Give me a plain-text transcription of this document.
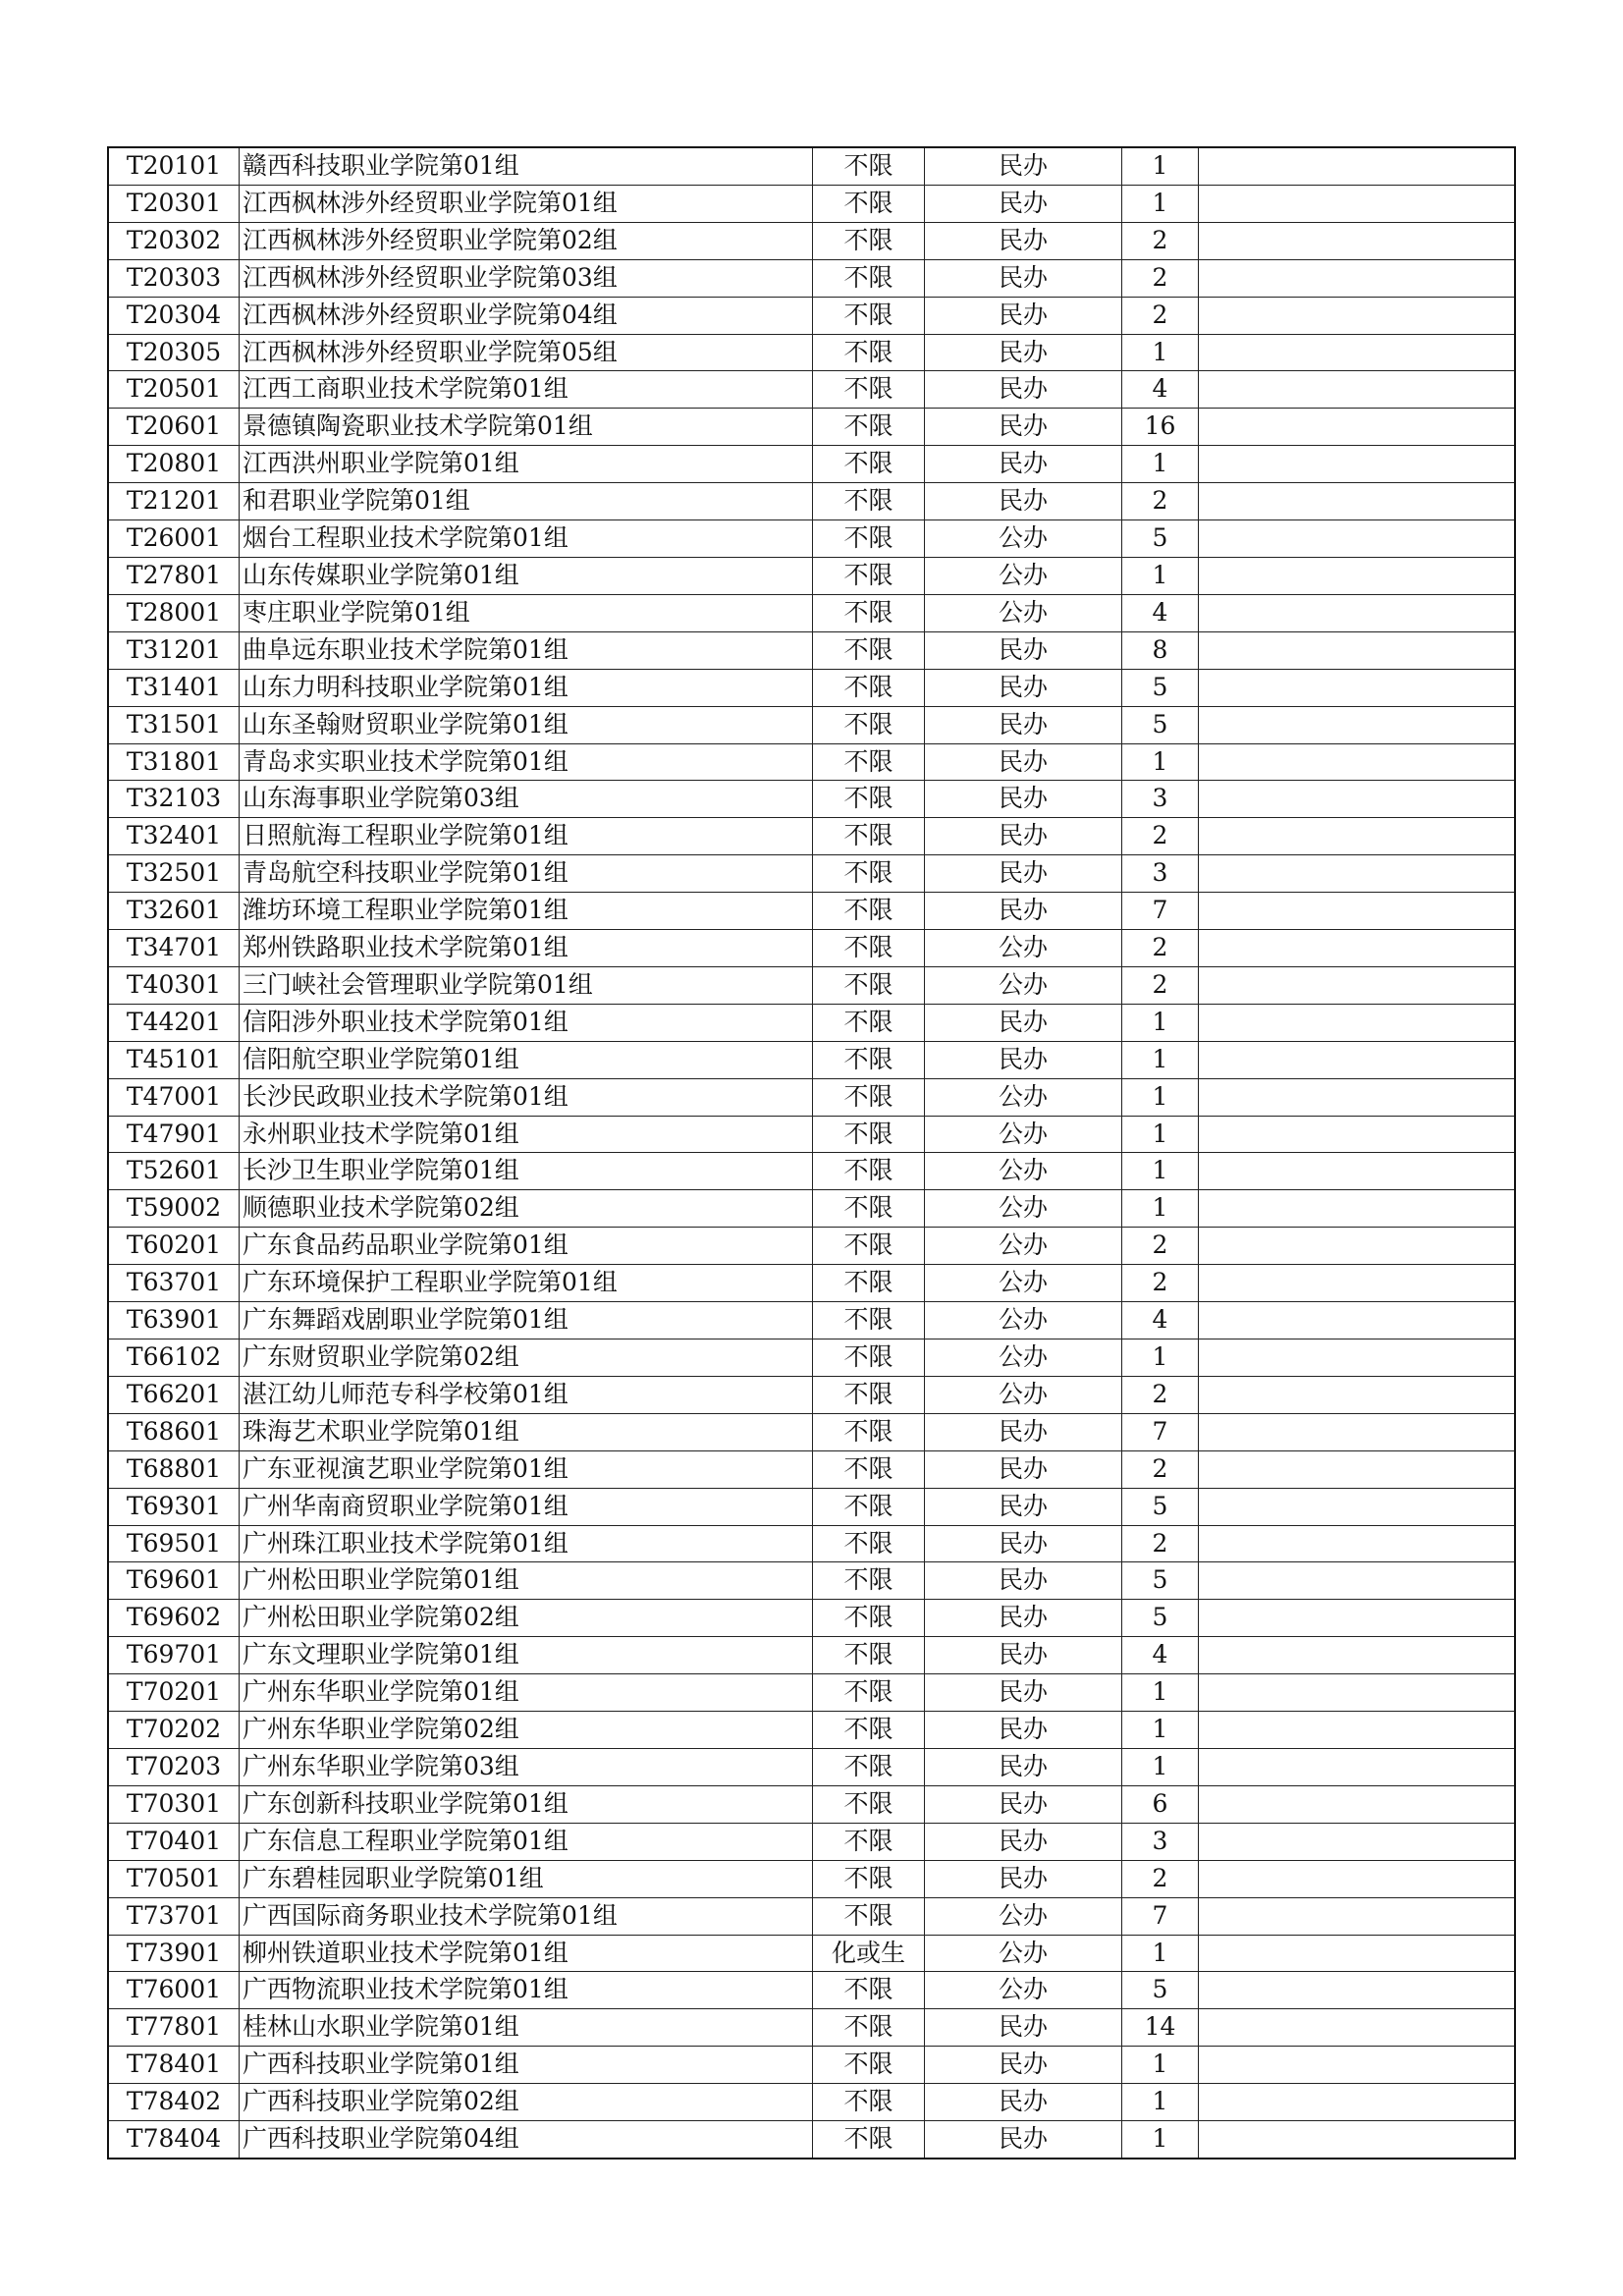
T20101	赣西科技职业学院第01组	不限	民办	1	
T20301	江西枫林涉外经贸职业学院第01组	不限	民办	1	
T20302	江西枫林涉外经贸职业学院第02组	不限	民办	2	
T20303	江西枫林涉外经贸职业学院第03组	不限	民办	2	
T20304	江西枫林涉外经贸职业学院第04组	不限	民办	2	
T20305	江西枫林涉外经贸职业学院第05组	不限	民办	1	
T20501	江西工商职业技术学院第01组	不限	民办	4	
T20601	景德镇陶瓷职业技术学院第01组	不限	民办	16	
T20801	江西洪州职业学院第01组	不限	民办	1	
T21201	和君职业学院第01组	不限	民办	2	
T26001	烟台工程职业技术学院第01组	不限	公办	5	
T27801	山东传媒职业学院第01组	不限	公办	1	
T28001	枣庄职业学院第01组	不限	公办	4	
T31201	曲阜远东职业技术学院第01组	不限	民办	8	
T31401	山东力明科技职业学院第01组	不限	民办	5	
T31501	山东圣翰财贸职业学院第01组	不限	民办	5	
T31801	青岛求实职业技术学院第01组	不限	民办	1	
T32103	山东海事职业学院第03组	不限	民办	3	
T32401	日照航海工程职业学院第01组	不限	民办	2	
T32501	青岛航空科技职业学院第01组	不限	民办	3	
T32601	潍坊环境工程职业学院第01组	不限	民办	7	
T34701	郑州铁路职业技术学院第01组	不限	公办	2	
T40301	三门峡社会管理职业学院第01组	不限	公办	2	
T44201	信阳涉外职业技术学院第01组	不限	民办	1	
T45101	信阳航空职业学院第01组	不限	民办	1	
T47001	长沙民政职业技术学院第01组	不限	公办	1	
T47901	永州职业技术学院第01组	不限	公办	1	
T52601	长沙卫生职业学院第01组	不限	公办	1	
T59002	顺德职业技术学院第02组	不限	公办	1	
T60201	广东食品药品职业学院第01组	不限	公办	2	
T63701	广东环境保护工程职业学院第01组	不限	公办	2	
T63901	广东舞蹈戏剧职业学院第01组	不限	公办	4	
T66102	广东财贸职业学院第02组	不限	公办	1	
T66201	湛江幼儿师范专科学校第01组	不限	公办	2	
T68601	珠海艺术职业学院第01组	不限	民办	7	
T68801	广东亚视演艺职业学院第01组	不限	民办	2	
T69301	广州华南商贸职业学院第01组	不限	民办	5	
T69501	广州珠江职业技术学院第01组	不限	民办	2	
T69601	广州松田职业学院第01组	不限	民办	5	
T69602	广州松田职业学院第02组	不限	民办	5	
T69701	广东文理职业学院第01组	不限	民办	4	
T70201	广州东华职业学院第01组	不限	民办	1	
T70202	广州东华职业学院第02组	不限	民办	1	
T70203	广州东华职业学院第03组	不限	民办	1	
T70301	广东创新科技职业学院第01组	不限	民办	6	
T70401	广东信息工程职业学院第01组	不限	民办	3	
T70501	广东碧桂园职业学院第01组	不限	民办	2	
T73701	广西国际商务职业技术学院第01组	不限	公办	7	
T73901	柳州铁道职业技术学院第01组	化或生	公办	1	
T76001	广西物流职业技术学院第01组	不限	公办	5	
T77801	桂林山水职业学院第01组	不限	民办	14	
T78401	广西科技职业学院第01组	不限	民办	1	
T78402	广西科技职业学院第02组	不限	民办	1	
T78404	广西科技职业学院第04组	不限	民办	1	
